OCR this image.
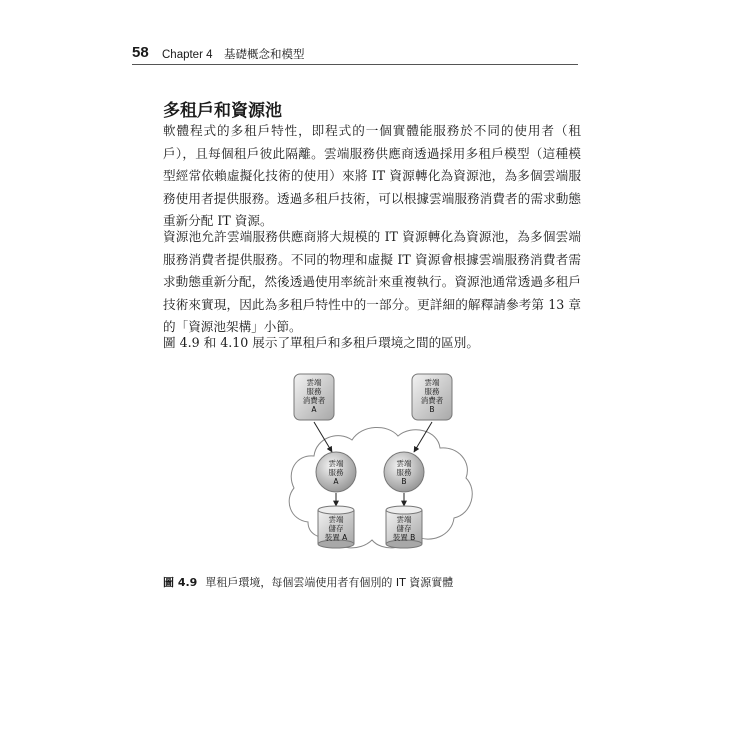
58 Chapter 4　基礎概念和模型
多租戶和資源池

軟體程式的多租戶特性，即程式的一個實體能服務於不同的使用者（租戶），且每個租戶彼此隔離。雲端服務供應商透過採用多租戶模型（這種模型經常依賴虛擬化技術的使用）來將 IT 資源轉化為資源池，為多個雲端服務使用者提供服務。透過多租戶技術，可以根據雲端服務消費者的需求動態重新分配 IT 資源。

資源池允許雲端服務供應商將大規模的 IT 資源轉化為資源池，為多個雲端服務消費者提供服務。不同的物理和虛擬 IT 資源會根據雲端服務消費者需求動態重新分配，然後透過使用率統計來重複執行。資源池通常透過多租戶技術來實現，因此為多租戶特性中的一部分。更詳細的解釋請參考第 13 章的「資源池架構」小節。

圖 4.9 和 4.10 展示了單租戶和多租戶環境之間的區別。

雲端
服務
消費者
A
雲端
服務
消費者
B
雲端
服務
A
雲端
服務
B
雲端
儲存
裝置 A
雲端
儲存
裝置 B
圖 4.9 單租戶環境，每個雲端使用者有個別的 IT 資源實體
